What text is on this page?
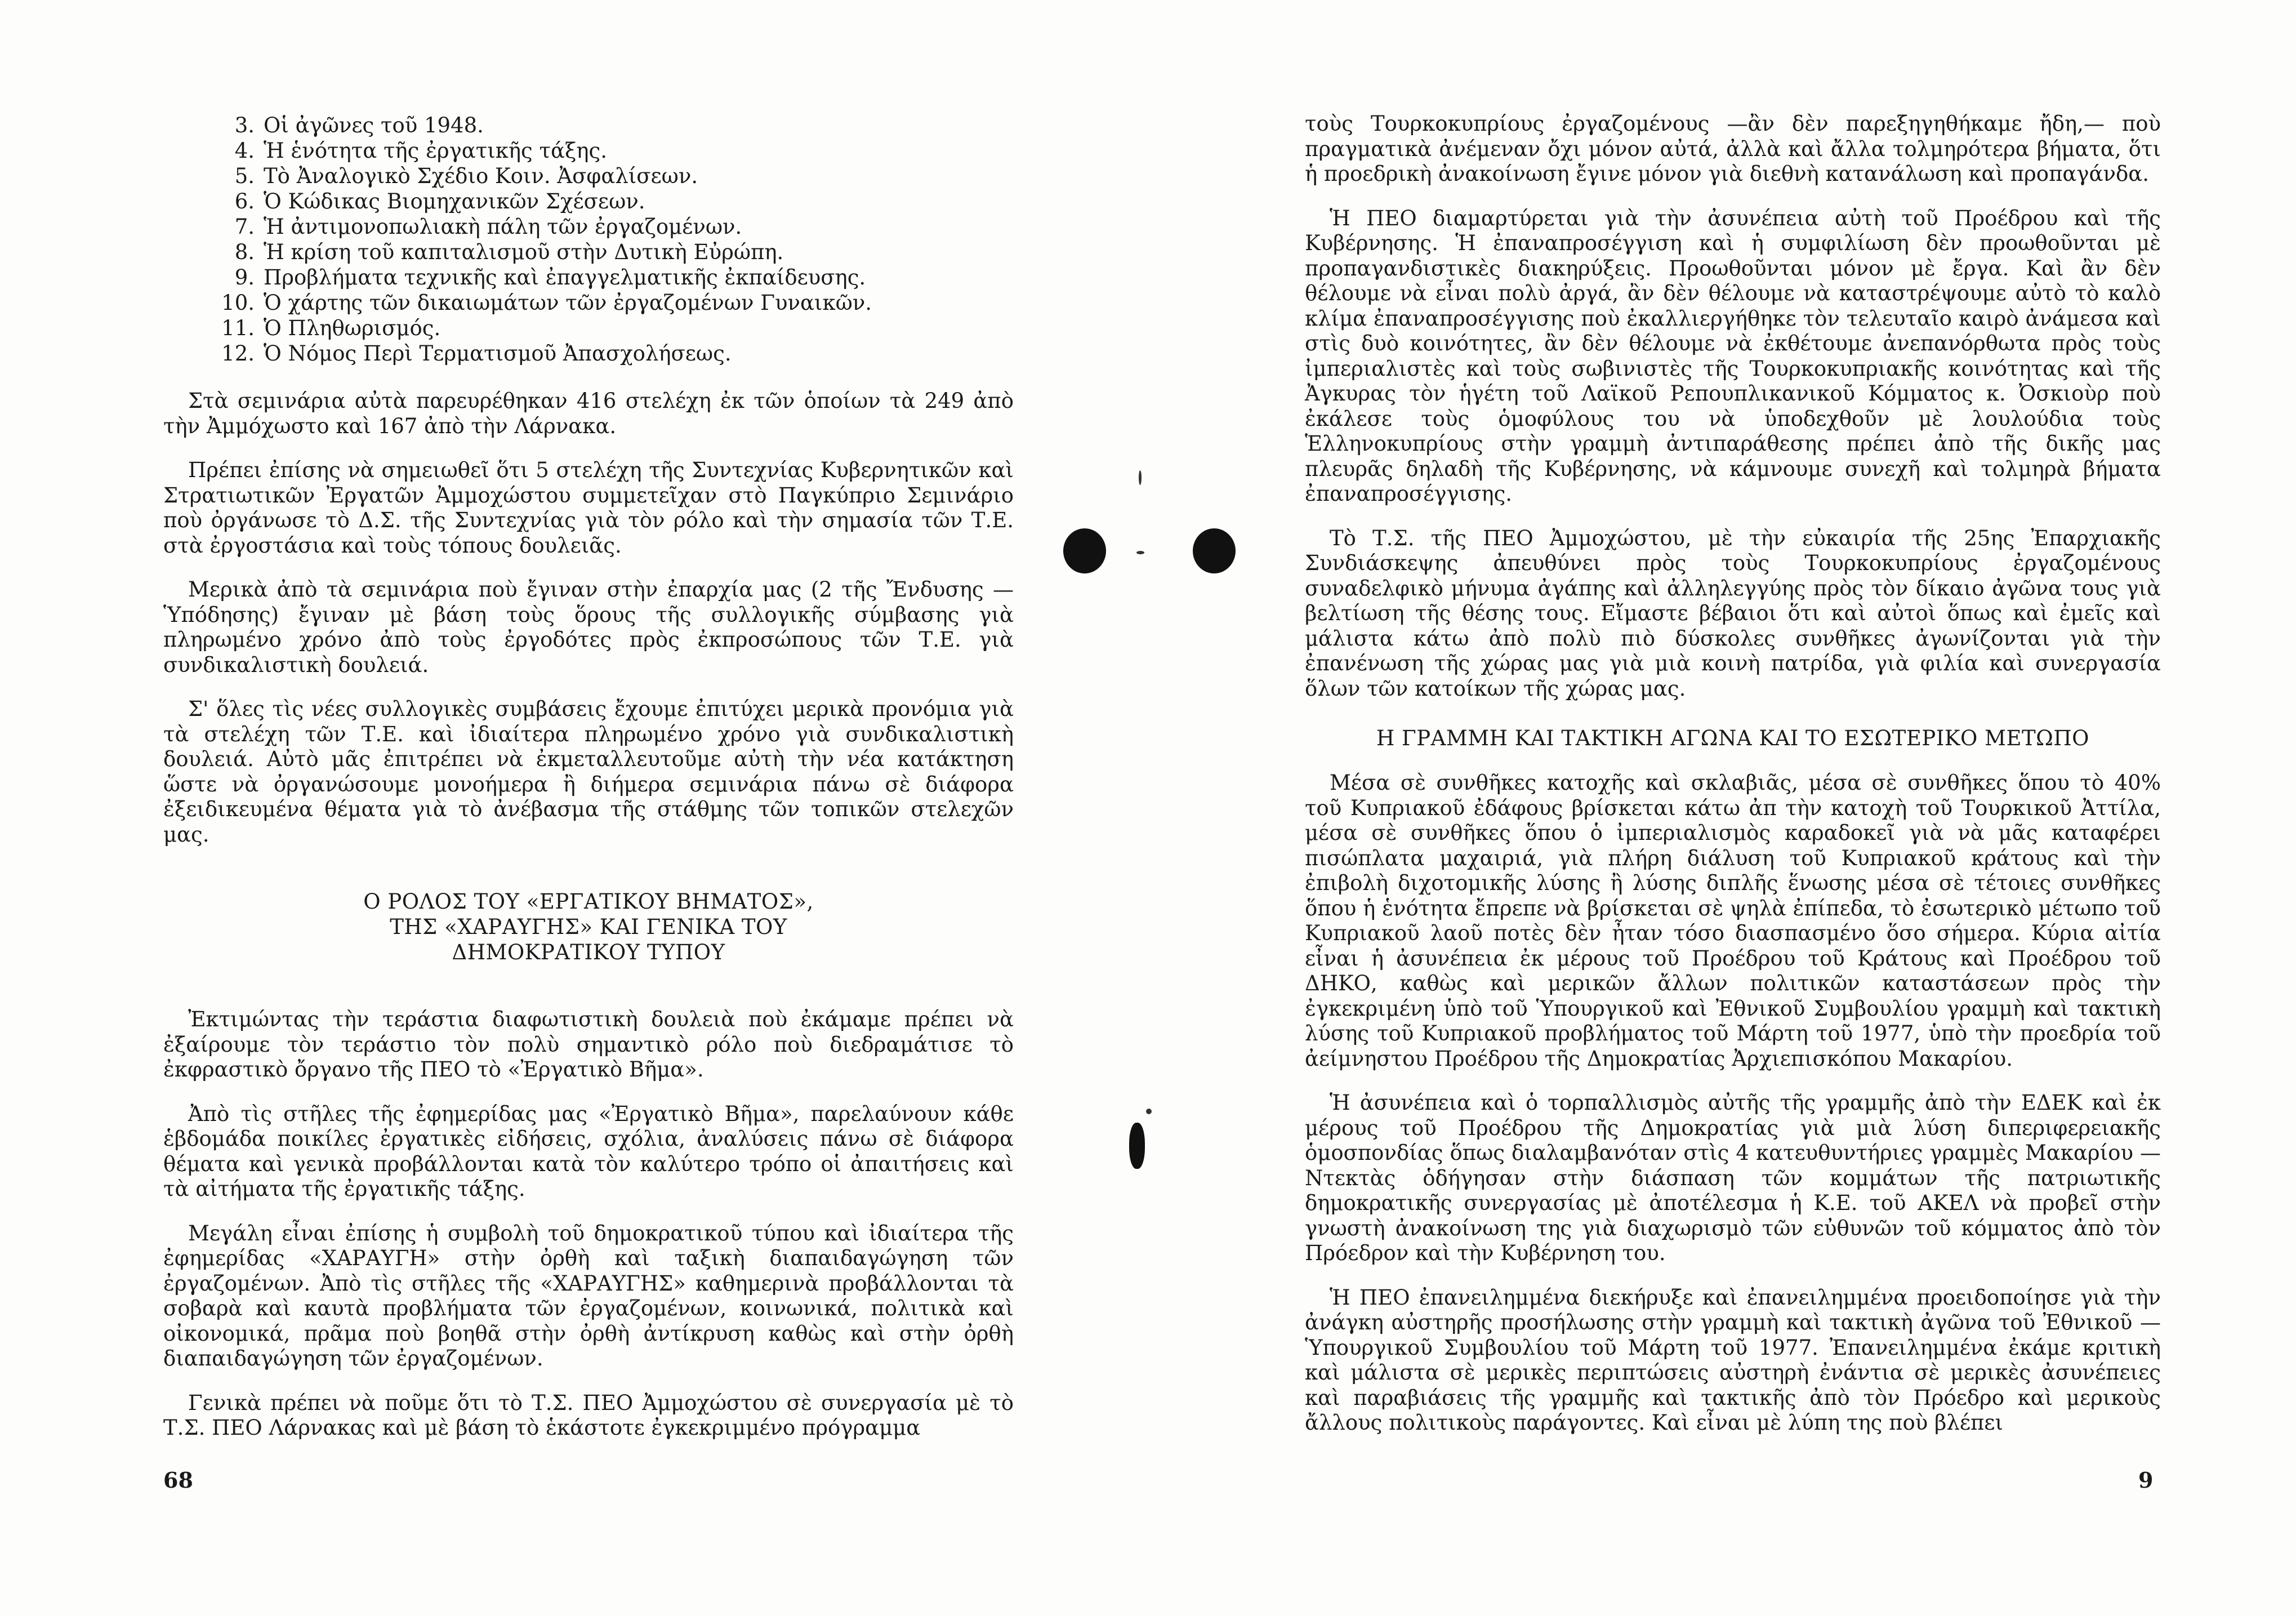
3. Οἱ ἀγῶνες τοῦ 1948.
4. Ἡ ἑνότητα τῆς ἐργατικῆς τάξης.
5. Τὸ Ἀναλογικὸ Σχέδιο Κοιν. Ἀσφαλίσεων.
6. Ὁ Κώδικας Βιομηχανικῶν Σχέσεων.
7. Ἡ ἀντιμονοπωλιακὴ πάλη τῶν ἐργαζομένων.
8. Ἡ κρίση τοῦ καπιταλισμοῦ στὴν Δυτικὴ Εὐρώπη.
9. Προβλήματα τεχνικῆς καὶ ἐπαγγελματικῆς ἐκπαίδευσης.
10. Ὁ χάρτης τῶν δικαιωμάτων τῶν ἐργαζομένων Γυναικῶν.
11. Ὁ Πληθωρισμός.
12. Ὁ Νόμος Περὶ Τερματισμοῦ Ἀπασχολήσεως.

Στὰ σεμινάρια αὐτὰ παρευρέθηκαν 416 στελέχη ἐκ τῶν ὁποίων τὰ 249 ἀπὸ τὴν Ἀμμόχωστο καὶ 167 ἀπὸ τὴν Λάρνακα.

Πρέπει ἐπίσης νὰ σημειωθεῖ ὅτι 5 στελέχη τῆς Συντεχνίας Κυβερνητικῶν καὶ Στρατιωτικῶν Ἐργατῶν Ἀμμοχώστου συμμετεῖχαν στὸ Παγκύπριο Σεμινάριο ποὺ ὀργάνωσε τὸ Δ.Σ. τῆς Συντεχνίας γιὰ τὸν ρόλο καὶ τὴν σημασία τῶν Τ.Ε. στὰ ἐργοστάσια καὶ τοὺς τόπους δουλειᾶς.

Μερικὰ ἀπὸ τὰ σεμινάρια ποὺ ἔγιναν στὴν ἐπαρχία μας (2 τῆς Ἔνδυσης — Ὑπόδησης) ἔγιναν μὲ βάση τοὺς ὅρους τῆς συλλογικῆς σύμβασης γιὰ πληρωμένο χρόνο ἀπὸ τοὺς ἐργοδότες πρὸς ἐκπροσώπους τῶν Τ.Ε. γιὰ συνδικαλιστικὴ δουλειά.

Σ' ὅλες τὶς νέες συλλογικὲς συμβάσεις ἔχουμε ἐπιτύχει μερικὰ προνόμια γιὰ τὰ στελέχη τῶν Τ.Ε. καὶ ἰδιαίτερα πληρωμένο χρόνο γιὰ συνδικαλιστικὴ δουλειά. Αὐτὸ μᾶς ἐπιτρέπει νὰ ἐκμεταλλευτοῦμε αὐτὴ τὴν νέα κατάκτηση ὥστε νὰ ὀργανώσουμε μονοήμερα ἢ διήμερα σεμινάρια πάνω σὲ διάφορα ἐξειδικευμένα θέματα γιὰ τὸ ἀνέβασμα τῆς στάθμης τῶν τοπικῶν στελεχῶν μας.

Ο ΡΟΛΟΣ ΤΟΥ «ΕΡΓΑΤΙΚΟΥ ΒΗΜΑΤΟΣ»,
ΤΗΣ «ΧΑΡΑΥΓΗΣ» ΚΑΙ ΓΕΝΙΚΑ ΤΟΥ
ΔΗΜΟΚΡΑΤΙΚΟΥ ΤΥΠΟΥ

Ἐκτιμώντας τὴν τεράστια διαφωτιστικὴ δουλειὰ ποὺ ἐκάμαμε πρέπει νὰ ἐξαίρουμε τὸν τεράστιο τὸν πολὺ σημαντικὸ ρόλο ποὺ διεδραμάτισε τὸ ἐκφραστικὸ ὄργανο τῆς ΠΕΟ τὸ «Ἐργατικὸ Βῆμα».

Ἀπὸ τὶς στῆλες τῆς ἐφημερίδας μας «Ἐργατικὸ Βῆμα», παρελαύνουν κάθε ἑβδομάδα ποικίλες ἐργατικὲς εἰδήσεις, σχόλια, ἀναλύσεις πάνω σὲ διάφορα θέματα καὶ γενικὰ προβάλλονται κατὰ τὸν καλύτερο τρόπο οἱ ἀπαιτήσεις καὶ τὰ αἰτήματα τῆς ἐργατικῆς τάξης.

Μεγάλη εἶναι ἐπίσης ἡ συμβολὴ τοῦ δημοκρατικοῦ τύπου καὶ ἰδιαίτερα τῆς ἐφημερίδας «ΧΑΡΑΥΓΗ» στὴν ὀρθὴ καὶ ταξικὴ διαπαιδαγώγηση τῶν ἐργαζομένων. Ἀπὸ τὶς στῆλες τῆς «ΧΑΡΑΥΓΗΣ» καθημερινὰ προβάλλονται τὰ σοβαρὰ καὶ καυτὰ προβλήματα τῶν ἐργαζομένων, κοινωνικά, πολιτικὰ καὶ οἰκονομικά, πρᾶμα ποὺ βοηθᾶ στὴν ὀρθὴ ἀντίκρυση καθὼς καὶ στὴν ὀρθὴ διαπαιδαγώγηση τῶν ἐργαζομένων.

Γενικὰ πρέπει νὰ ποῦμε ὅτι τὸ Τ.Σ. ΠΕΟ Ἀμμοχώστου σὲ συνεργασία μὲ τὸ Τ.Σ. ΠΕΟ Λάρνακας καὶ μὲ βάση τὸ ἑκάστοτε ἐγκεκριμμένο πρόγραμμα

68

τοὺς Τουρκοκυπρίους ἐργαζομένους —ἂν δὲν παρεξηγηθήκαμε ἤδη,— ποὺ πραγματικὰ ἀνέμεναν ὄχι μόνον αὐτά, ἀλλὰ καὶ ἄλλα τολμηρότερα βήματα, ὅτι ἡ προεδρικὴ ἀνακοίνωση ἔγινε μόνον γιὰ διεθνὴ κατανάλωση καὶ προπαγάνδα.

Ἡ ΠΕΟ διαμαρτύρεται γιὰ τὴν ἀσυνέπεια αὐτὴ τοῦ Προέδρου καὶ τῆς Κυβέρνησης. Ἡ ἐπαναπροσέγγιση καὶ ἡ συμφιλίωση δὲν προωθοῦνται μὲ προπαγανδιστικὲς διακηρύξεις. Προωθοῦνται μόνον μὲ ἔργα. Καὶ ἂν δὲν θέλουμε νὰ εἶναι πολὺ ἀργά, ἂν δὲν θέλουμε νὰ καταστρέψουμε αὐτὸ τὸ καλὸ κλίμα ἐπαναπροσέγγισης ποὺ ἐκαλλιεργήθηκε τὸν τελευταῖο καιρὸ ἀνάμεσα καὶ στὶς δυὸ κοινότητες, ἂν δὲν θέλουμε νὰ ἐκθέτουμε ἀνεπανόρθωτα πρὸς τοὺς ἰμπεριαλιστὲς καὶ τοὺς σωβινιστὲς τῆς Τουρκοκυπριακῆς κοινότητας καὶ τῆς Ἀγκυρας τὸν ἡγέτη τοῦ Λαϊκοῦ Ρεπουπλικανικοῦ Κόμματος κ. Ὀσκιοὺρ ποὺ ἐκάλεσε τοὺς ὁμοφύλους του νὰ ὑποδεχθοῦν μὲ λουλούδια τοὺς Ἑλληνοκυπρίους στὴν γραμμὴ ἀντιπαράθεσης πρέπει ἀπὸ τῆς δικῆς μας πλευρᾶς δηλαδὴ τῆς Κυβέρνησης, νὰ κάμνουμε συνεχῆ καὶ τολμηρὰ βήματα ἐπαναπροσέγγισης.

Τὸ Τ.Σ. τῆς ΠΕΟ Ἀμμοχώστου, μὲ τὴν εὐκαιρία τῆς 25ης Ἐπαρχιακῆς Συνδιάσκεψης ἀπευθύνει πρὸς τοὺς Τουρκοκυπρίους ἐργαζομένους συναδελφικὸ μήνυμα ἀγάπης καὶ ἀλληλεγγύης πρὸς τὸν δίκαιο ἀγῶνα τους γιὰ βελτίωση τῆς θέσης τους. Εἴμαστε βέβαιοι ὅτι καὶ αὐτοὶ ὅπως καὶ ἐμεῖς καὶ μάλιστα κάτω ἀπὸ πολὺ πιὸ δύσκολες συνθῆκες ἀγωνίζονται γιὰ τὴν ἐπανένωση τῆς χώρας μας γιὰ μιὰ κοινὴ πατρίδα, γιὰ φιλία καὶ συνεργασία ὅλων τῶν κατοίκων τῆς χώρας μας.

Η ΓΡΑΜΜΗ ΚΑΙ ΤΑΚΤΙΚΗ ΑΓΩΝΑ ΚΑΙ ΤΟ ΕΣΩΤΕΡΙΚΟ ΜΕΤΩΠΟ

Μέσα σὲ συνθῆκες κατοχῆς καὶ σκλαβιᾶς, μέσα σὲ συνθῆκες ὅπου τὸ 40% τοῦ Κυπριακοῦ ἐδάφους βρίσκεται κάτω ἀπ τὴν κατοχὴ τοῦ Τουρκικοῦ Ἀττίλα, μέσα σὲ συνθῆκες ὅπου ὁ ἰμπεριαλισμὸς καραδοκεῖ γιὰ νὰ μᾶς καταφέρει πισώπλατα μαχαιριά, γιὰ πλήρη διάλυση τοῦ Κυπριακοῦ κράτους καὶ τὴν ἐπιβολὴ διχοτομικῆς λύσης ἢ λύσης διπλῆς ἕνωσης μέσα σὲ τέτοιες συνθῆκες ὅπου ἡ ἑνότητα ἔπρεπε νὰ βρίσκεται σὲ ψηλὰ ἐπίπεδα, τὸ ἐσωτερικὸ μέτωπο τοῦ Κυπριακοῦ λαοῦ ποτὲς δὲν ἦταν τόσο διασπασμένο ὅσο σήμερα. Κύρια αἰτία εἶναι ἡ ἀσυνέπεια ἐκ μέρους τοῦ Προέδρου τοῦ Κράτους καὶ Προέδρου τοῦ ΔΗΚΟ, καθὼς καὶ μερικῶν ἄλλων πολιτικῶν καταστάσεων πρὸς τὴν ἐγκεκριμένη ὑπὸ τοῦ Ὑπουργικοῦ καὶ Ἐθνικοῦ Συμβουλίου γραμμὴ καὶ τακτικὴ λύσης τοῦ Κυπριακοῦ προβλήματος τοῦ Μάρτη τοῦ 1977, ὑπὸ τὴν προεδρία τοῦ ἀείμνηστου Προέδρου τῆς Δημοκρατίας Ἀρχιεπισκόπου Μακαρίου.

Ἡ ἀσυνέπεια καὶ ὁ τορπαλλισμὸς αὐτῆς τῆς γραμμῆς ἀπὸ τὴν ΕΔΕΚ καὶ ἐκ μέρους τοῦ Προέδρου τῆς Δημοκρατίας γιὰ μιὰ λύση διπεριφερειακῆς ὁμοσπονδίας ὅπως διαλαμβανόταν στὶς 4 κατευθυντήριες γραμμὲς Μακαρίου — Ντεκτὰς ὁδήγησαν στὴν διάσπαση τῶν κομμάτων τῆς πατριωτικῆς δημοκρατικῆς συνεργασίας μὲ ἀποτέλεσμα ἡ Κ.Ε. τοῦ ΑΚΕΛ νὰ προβεῖ στὴν γνωστὴ ἀνακοίνωση της γιὰ διαχωρισμὸ τῶν εὐθυνῶν τοῦ κόμματος ἀπὸ τὸν Πρόεδρον καὶ τὴν Κυβέρνηση του.

Ἡ ΠΕΟ ἐπανειλημμένα διεκήρυξε καὶ ἐπανειλημμένα προειδοποίησε γιὰ τὴν ἀνάγκη αὐστηρῆς προσήλωσης στὴν γραμμὴ καὶ τακτικὴ ἀγῶνα τοῦ Ἐθνικοῦ — Ὑπουργικοῦ Συμβουλίου τοῦ Μάρτη τοῦ 1977. Ἐπανειλημμένα ἐκάμε κριτικὴ καὶ μάλιστα σὲ μερικὲς περιπτώσεις αὐστηρὴ ἐνάντια σὲ μερικὲς ἀσυνέπειες καὶ παραβιάσεις τῆς γραμμῆς καὶ τακτικῆς ἀπὸ τὸν Πρόεδρο καὶ μερικοὺς ἄλλους πολιτικοὺς παράγοντες. Καὶ εἶναι μὲ λύπη της ποὺ βλέπει

9
